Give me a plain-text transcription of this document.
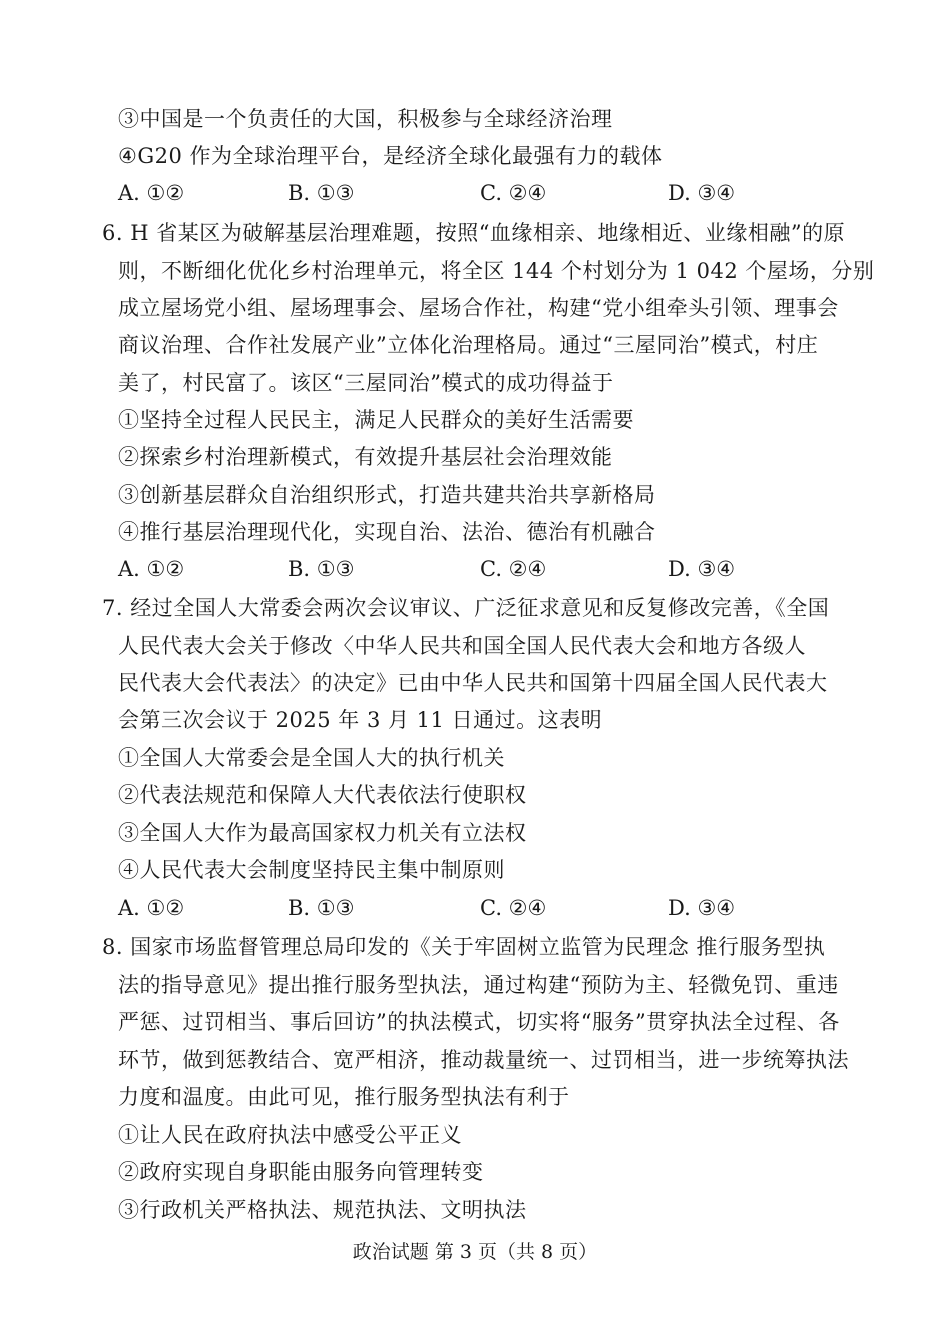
③中国是一个负责任的大国，积极参与全球经济治理
④G20 作为全球治理平台，是经济全球化最强有力的载体
A. ①②	B. ①③	C. ②④	D. ③④
6. H 省某区为破解基层治理难题，按照“血缘相亲、地缘相近、业缘相融”的原
则，不断细化优化乡村治理单元，将全区 144 个村划分为 1 042 个屋场，分别
成立屋场党小组、屋场理事会、屋场合作社，构建“党小组牵头引领、理事会
商议治理、合作社发展产业”立体化治理格局。通过“三屋同治”模式，村庄
美了，村民富了。该区“三屋同治”模式的成功得益于
①坚持全过程人民民主，满足人民群众的美好生活需要
②探索乡村治理新模式，有效提升基层社会治理效能
③创新基层群众自治组织形式，打造共建共治共享新格局
④推行基层治理现代化，实现自治、法治、德治有机融合
A. ①②	B. ①③	C. ②④	D. ③④
7. 经过全国人大常委会两次会议审议、广泛征求意见和反复修改完善，《全国
人民代表大会关于修改〈中华人民共和国全国人民代表大会和地方各级人
民代表大会代表法〉的决定》已由中华人民共和国第十四届全国人民代表大
会第三次会议于 2025 年 3 月 11 日通过。这表明
①全国人大常委会是全国人大的执行机关
②代表法规范和保障人大代表依法行使职权
③全国人大作为最高国家权力机关有立法权
④人民代表大会制度坚持民主集中制原则
A. ①②	B. ①③	C. ②④	D. ③④
8. 国家市场监督管理总局印发的《关于牢固树立监管为民理念 推行服务型执
法的指导意见》提出推行服务型执法，通过构建“预防为主、轻微免罚、重违
严惩、过罚相当、事后回访”的执法模式，切实将“服务”贯穿执法全过程、各
环节，做到惩教结合、宽严相济，推动裁量统一、过罚相当，进一步统筹执法
力度和温度。由此可见，推行服务型执法有利于
①让人民在政府执法中感受公平正义
②政府实现自身职能由服务向管理转变
③行政机关严格执法、规范执法、文明执法
政治试题 第 3 页（共 8 页）
